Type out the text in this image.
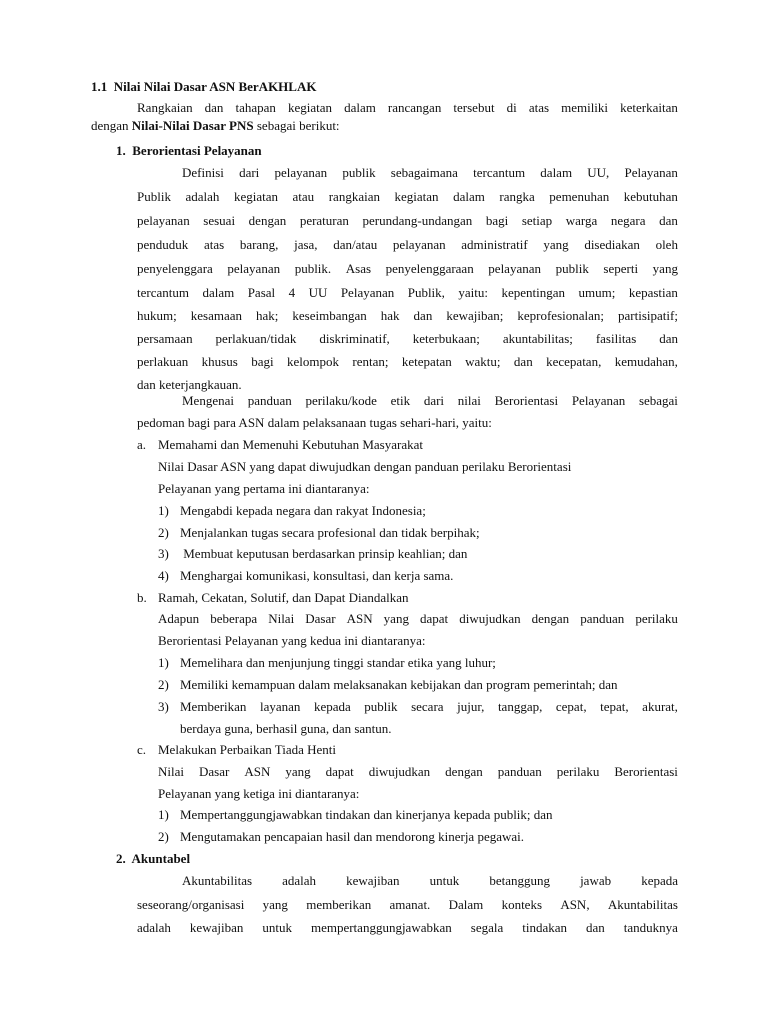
1.1 Nilai Nilai Dasar ASN BerAKHLAK
Rangkaian dan tahapan kegiatan dalam rancangan tersebut di atas memiliki keterkaitan
dengan Nilai-Nilai Dasar PNS sebagai berikut:
1. Berorientasi Pelayanan
Definisi dari pelayanan publik sebagaimana tercantum dalam UU, Pelayanan
Publik adalah kegiatan atau rangkaian kegiatan dalam rangka pemenuhan kebutuhan
pelayanan sesuai dengan peraturan perundang-undangan bagi setiap warga negara dan
penduduk atas barang, jasa, dan/atau pelayanan administratif yang disediakan oleh
penyelenggara pelayanan publik. Asas penyelenggaraan pelayanan publik seperti yang
tercantum dalam Pasal 4 UU Pelayanan Publik, yaitu: kepentingan umum; kepastian
hukum; kesamaan hak; keseimbangan hak dan kewajiban; keprofesionalan; partisipatif;
persamaan perlakuan/tidak diskriminatif, keterbukaan; akuntabilitas; fasilitas dan
perlakuan khusus bagi kelompok rentan; ketepatan waktu; dan kecepatan, kemudahan,
dan keterjangkauan.
Mengenai panduan perilaku/kode etik dari nilai Berorientasi Pelayanan sebagai
pedoman bagi para ASN dalam pelaksanaan tugas sehari-hari, yaitu:
a. Memahami dan Memenuhi Kebutuhan Masyarakat
Nilai Dasar ASN yang dapat diwujudkan dengan panduan perilaku Berorientasi
Pelayanan yang pertama ini diantaranya:
1) Mengabdi kepada negara dan rakyat Indonesia;
2) Menjalankan tugas secara profesional dan tidak berpihak;
3) Membuat keputusan berdasarkan prinsip keahlian; dan
4) Menghargai komunikasi, konsultasi, dan kerja sama.
b. Ramah, Cekatan, Solutif, dan Dapat Diandalkan
Adapun beberapa Nilai Dasar ASN yang dapat diwujudkan dengan panduan perilaku
Berorientasi Pelayanan yang kedua ini diantaranya:
1) Memelihara dan menjunjung tinggi standar etika yang luhur;
2) Memiliki kemampuan dalam melaksanakan kebijakan dan program pemerintah; dan
3) Memberikan layanan kepada publik secara jujur, tanggap, cepat, tepat, akurat,
berdaya guna, berhasil guna, dan santun.
c. Melakukan Perbaikan Tiada Henti
Nilai Dasar ASN yang dapat diwujudkan dengan panduan perilaku Berorientasi
Pelayanan yang ketiga ini diantaranya:
1) Mempertanggungjawabkan tindakan dan kinerjanya kepada publik; dan
2) Mengutamakan pencapaian hasil dan mendorong kinerja pegawai.
2. Akuntabel
Akuntabilitas adalah kewajiban untuk betanggung jawab kepada
seseorang/organisasi yang memberikan amanat. Dalam konteks ASN, Akuntabilitas
adalah kewajiban untuk mempertanggungjawabkan segala tindakan dan tanduknya
